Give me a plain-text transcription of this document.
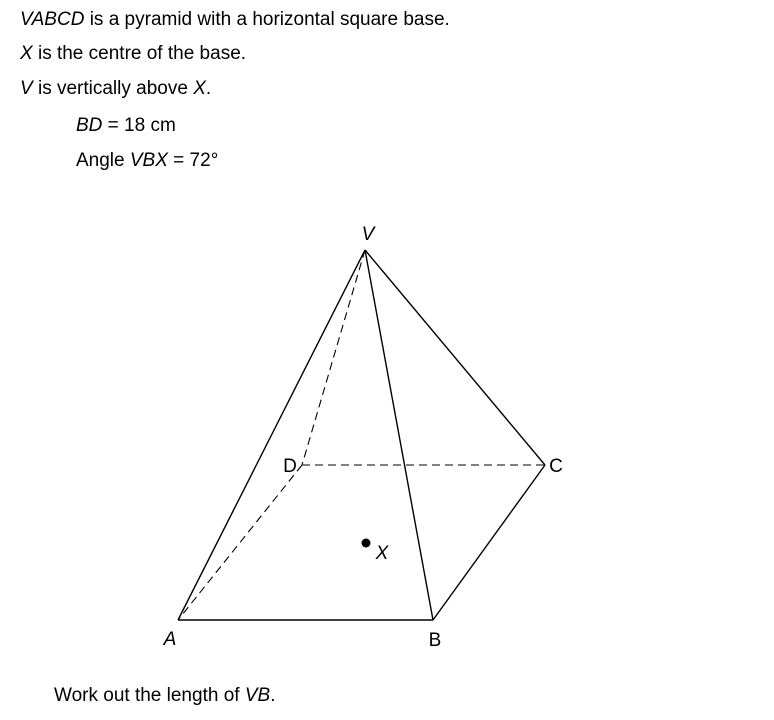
VABCD is a pyramid with a horizontal square base.
X is the centre of the base.
V is vertically above X.
BD = 18 cm
Angle VBX = 72°
V
A	B
C
D
X
Work out the length of VB.
